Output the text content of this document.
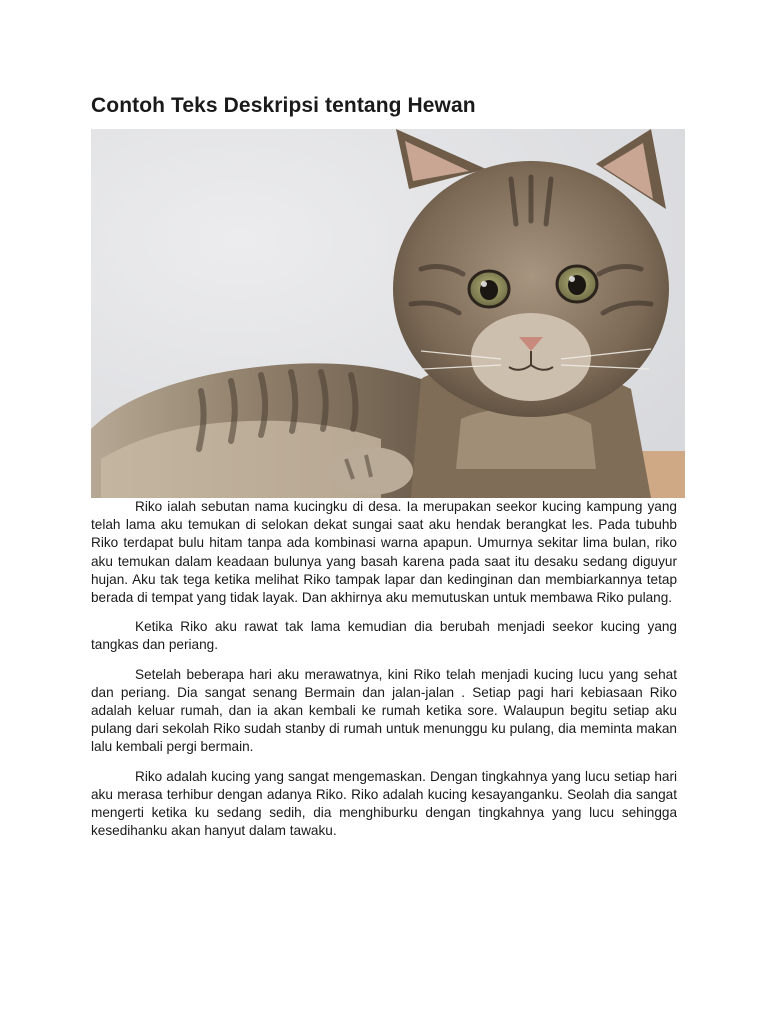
Contoh Teks Deskripsi tentang Hewan

Riko ialah sebutan nama kucingku di desa. Ia merupakan seekor kucing kampung yang telah lama aku temukan di selokan dekat sungai saat aku hendak berangkat les. Pada tubuhb Riko terdapat bulu hitam tanpa ada kombinasi warna apapun. Umurnya sekitar lima bulan, riko aku temukan dalam keadaan bulunya yang basah karena pada saat itu desaku sedang diguyur hujan. Aku tak tega ketika melihat Riko tampak lapar dan kedinginan dan membiarkannya tetap berada di tempat yang tidak layak. Dan akhirnya aku memutuskan untuk membawa Riko pulang.

Ketika Riko aku rawat tak lama kemudian dia berubah menjadi seekor kucing yang tangkas dan periang.

Setelah beberapa hari aku merawatnya, kini Riko telah menjadi kucing lucu yang sehat dan periang. Dia sangat senang Bermain dan jalan-jalan . Setiap pagi hari kebiasaan Riko adalah keluar rumah, dan ia akan kembali ke rumah ketika sore. Walaupun begitu setiap aku pulang dari sekolah Riko sudah stanby di rumah untuk menunggu ku pulang, dia meminta makan lalu kembali pergi bermain.

Riko adalah kucing yang sangat mengemaskan. Dengan tingkahnya yang lucu setiap hari aku merasa terhibur dengan adanya Riko. Riko adalah kucing kesayanganku. Seolah dia sangat mengerti ketika ku sedang sedih, dia menghiburku dengan tingkahnya yang lucu sehingga kesedihanku akan hanyut dalam tawaku.
